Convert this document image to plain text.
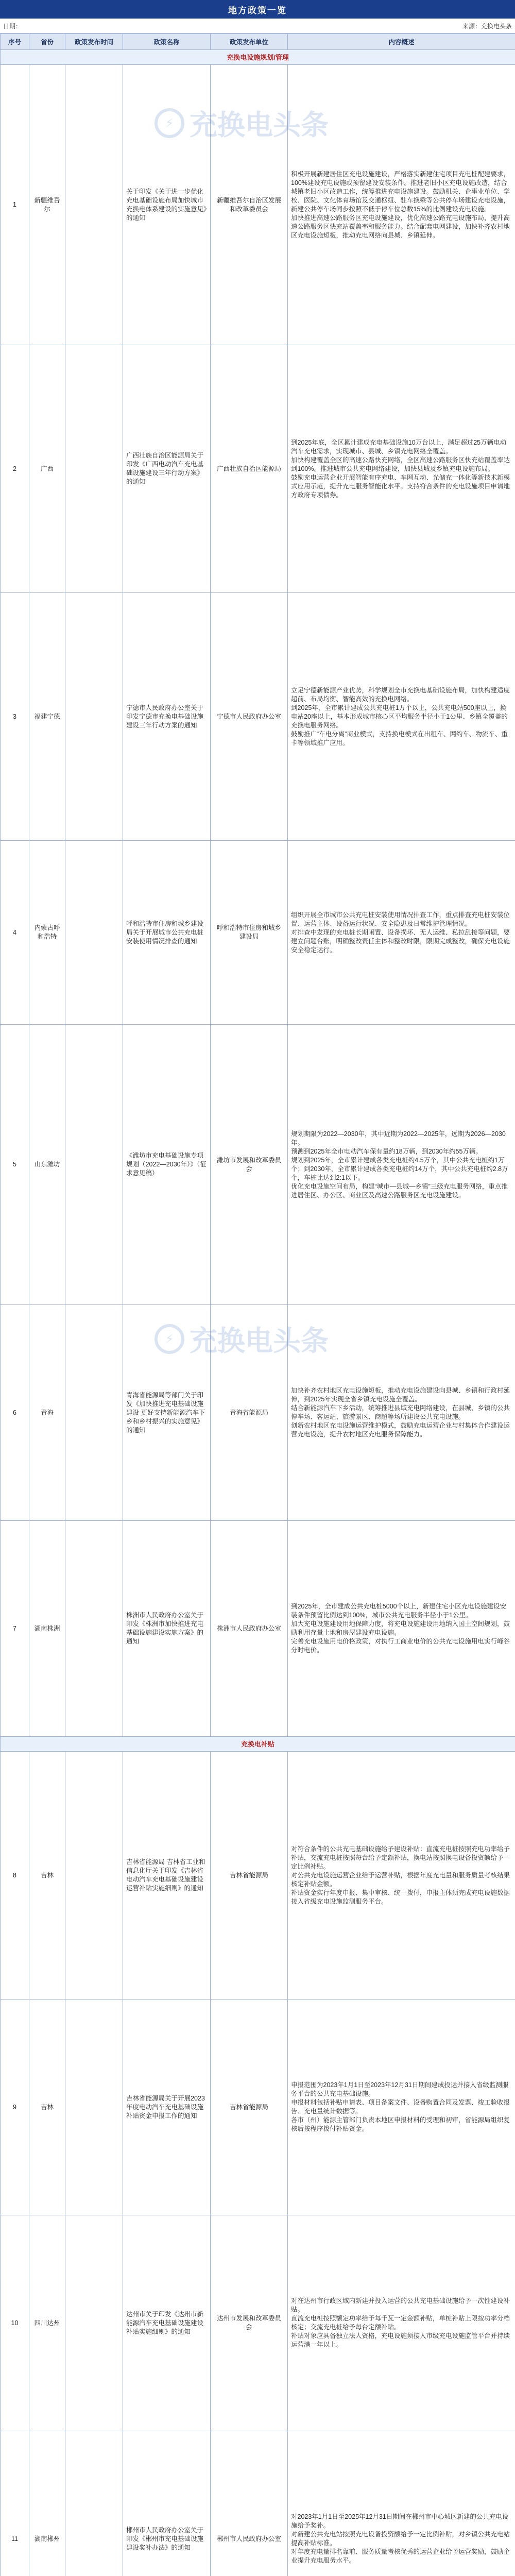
地方政策一览
日期：	来源：充换电头条
序号	省份	政策发布时间	政策名称	政策发布单位	内容概述
充换电设施规划/管理					
1	新疆维吾尔		关于印发《关于进一步优化充电基础设施布局加快城市充换电体系建设的实施意见》的通知	新疆维吾尔自治区发展和改革委员会	积极开展新建居住区充电设施建设，严格落实新建住宅项目充电桩配建要求，100%建设充电设施或预留建设安装条件。推进老旧小区充电设施改造，结合城镇老旧小区改造工作，统筹推进充电设施建设。鼓励机关、企事业单位、学校、医院、文化体育场馆及交通枢纽、驻车换乘等公共停车场建设充电设施，新建公共停车场同步按照不低于停车位总数15%的比例建设充电设施。
加快推进高速公路服务区充电设施建设，优化高速公路充电设施布局，提升高速公路服务区快充站覆盖率和服务能力。结合配套电网建设，加快补齐农村地区充电设施短板，推动充电网络向县城、乡镇延伸。
2	广西		广西壮族自治区能源局关于印发《广西电动汽车充电基础设施建设三年行动方案》的通知	广西壮族自治区能源局	到2025年底，全区累计建成充电基础设施10万台以上，满足超过25万辆电动汽车充电需求，实现城市、县城、乡镇充电网络全覆盖。
加快构建覆盖全区的高速公路快充网络，全区高速公路服务区快充站覆盖率达到100%。推进城市公共充电网络建设，加快县城及乡镇充电设施布局。
鼓励充电运营企业开展智能有序充电、车网互动、光储充一体化等新技术新模式应用示范，提升充电服务智能化水平。支持符合条件的充电设施项目申请地方政府专项债券。
3	福建宁德		宁德市人民政府办公室关于印发宁德市充换电基础设施建设三年行动方案的通知	宁德市人民政府办公室	立足宁德新能源产业优势，科学规划全市充换电基础设施布局，加快构建适度超前、布局均衡、智能高效的充换电网络。
到2025年，全市累计建成公共充电桩1万个以上，公共充电站500座以上，换电站20座以上，基本形成城市核心区平均服务半径小于1公里、乡镇全覆盖的充换电服务网络。
鼓励推广“车电分离”商业模式，支持换电模式在出租车、网约车、物流车、重卡等领域推广应用。
4	内蒙古呼和浩特		呼和浩特市住房和城乡建设局关于开展城市公共充电桩安装使用情况排查的通知	呼和浩特市住房和城乡建设局	组织开展全市城市公共充电桩安装使用情况排查工作，重点排查充电桩安装位置、运营主体、设备运行状况、安全隐患及日常维护管理情况。
对排查中发现的充电桩长期闲置、设备损坏、无人运维、私拉乱接等问题，要建立问题台账，明确整改责任主体和整改时限，限期完成整改，确保充电设施安全稳定运行。
5	山东潍坊		《潍坊市充电基础设施专项规划（2022—2030年）》（征求意见稿）	潍坊市发展和改革委员会	规划期限为2022—2030年，其中近期为2022—2025年，远期为2026—2030年。
预测到2025年全市电动汽车保有量约18万辆，到2030年约55万辆。
规划到2025年，全市累计建成各类充电桩约4.5万个，其中公共充电桩约1万个；到2030年，全市累计建成各类充电桩约14万个，其中公共充电桩约2.8万个，车桩比达到2:1以下。
优化充电设施空间布局，构建“城市—县城—乡镇”三级充电服务网络，重点推进居住区、办公区、商业区及高速公路服务区充电设施建设。
6	青海		青海省能源局等部门关于印发《加快推进充电基础设施建设 更好支持新能源汽车下乡和乡村振兴的实施意见》的通知	青海省能源局	加快补齐农村地区充电设施短板，推动充电设施建设向县城、乡镇和行政村延伸，到2025年实现全省乡镇充电设施全覆盖。
结合新能源汽车下乡活动，统筹推进县域充电网络建设，在县城、乡镇的公共停车场、客运站、旅游景区、商超等场所建设公共充电设施。
创新农村地区充电设施运营维护模式，鼓励充电运营企业与村集体合作建设运营充电设施，提升农村地区充电服务保障能力。
7	湖南株洲		株洲市人民政府办公室关于印发《株洲市加快推进充电基础设施建设实施方案》的通知	株洲市人民政府办公室	到2025年，全市建成公共充电桩5000个以上，新建住宅小区充电设施建设安装条件预留比例达到100%，城市公共充电服务半径小于1公里。
加大充电设施建设用地保障力度，将充电设施建设用地纳入国土空间规划，鼓励利用存量土地和房屋建设充电设施。
完善充电设施用电价格政策，对执行工商业电价的公共充电设施用电实行峰谷分时电价。
充换电补贴					
8	吉林		吉林省能源局 吉林省工业和信息化厅关于印发《吉林省电动汽车充电基础设施建设运营补贴实施细则》的通知	吉林省能源局	对符合条件的公共充电基础设施给予建设补贴：直流充电桩按照充电功率给予补贴，交流充电桩按照每台给予定额补贴，换电站按照换电设备投资额给予一定比例补贴。
对公共充电设施运营企业给予运营补贴，根据年度充电量和服务质量考核结果核定补贴金额。
补贴资金实行年度申报、集中审核、统一拨付，申报主体须完成充电设施数据接入省级充电设施监测服务平台。
9	吉林		吉林省能源局关于开展2023年度电动汽车充电基础设施补贴资金申报工作的通知	吉林省能源局	申报范围为2023年1月1日至2023年12月31日期间建成投运并接入省级监测服务平台的公共充电基础设施。
申报材料包括补贴申请表、项目备案文件、设备购置合同及发票、竣工验收报告、充电量统计数据等。
各市（州）能源主管部门负责本地区申报材料的受理和初审，省能源局组织复核后按程序拨付补贴资金。
10	四川达州		达州市关于印发《达州市新能源汽车充电基础设施建设补贴实施细则》的通知	达州市发展和改革委员会	对在达州市行政区域内新建并投入运营的公共充电基础设施给予一次性建设补贴。
直流充电桩按照额定功率给予每千瓦一定金额补贴，单桩补贴上限按功率分档核定；交流充电桩给予每台定额补贴。
补贴对象应具备独立法人资格，充电设施须接入市级充电设施监管平台并持续运营满一年以上。
11	湖南郴州		郴州市人民政府办公室关于印发《郴州市充电基础设施建设奖补办法》的通知	郴州市人民政府办公室	对2023年1月1日至2025年12月31日期间在郴州市中心城区新建的公共充电设施给予奖补。
对新建公共充电站按照充电设备投资额给予一定比例补贴，对乡镇公共充电站提高补贴标准。
对年度充电量排名靠前、服务质量考核优秀的运营企业给予运营奖励，鼓励企业提升充电服务水平。

⚡ 充换电头条
⚡ 充换电头条
